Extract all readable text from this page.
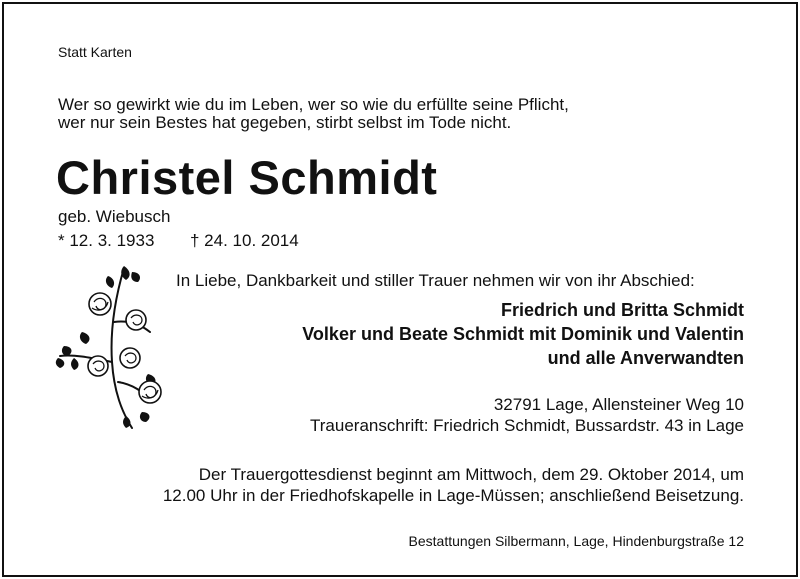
Statt Karten
Wer so gewirkt wie du im Leben, wer so wie du erfüllte seine Pflicht,
wer nur sein Bestes hat gegeben, stirbt selbst im Tode nicht.
Christel Schmidt
geb. Wiebusch
* 12. 3. 1933 † 24. 10. 2014
In Liebe, Dankbarkeit und stiller Trauer nehmen wir von ihr Abschied:
Friedrich und Britta Schmidt
Volker und Beate Schmidt mit Dominik und Valentin
und alle Anverwandten
32791 Lage, Allensteiner Weg 10
Traueranschrift: Friedrich Schmidt, Bussardstr. 43 in Lage
Der Trauergottesdienst beginnt am Mittwoch, dem 29. Oktober 2014, um
12.00 Uhr in der Friedhofskapelle in Lage-Müssen; anschließend Beisetzung.
Bestattungen Silbermann, Lage, Hindenburgstraße 12
